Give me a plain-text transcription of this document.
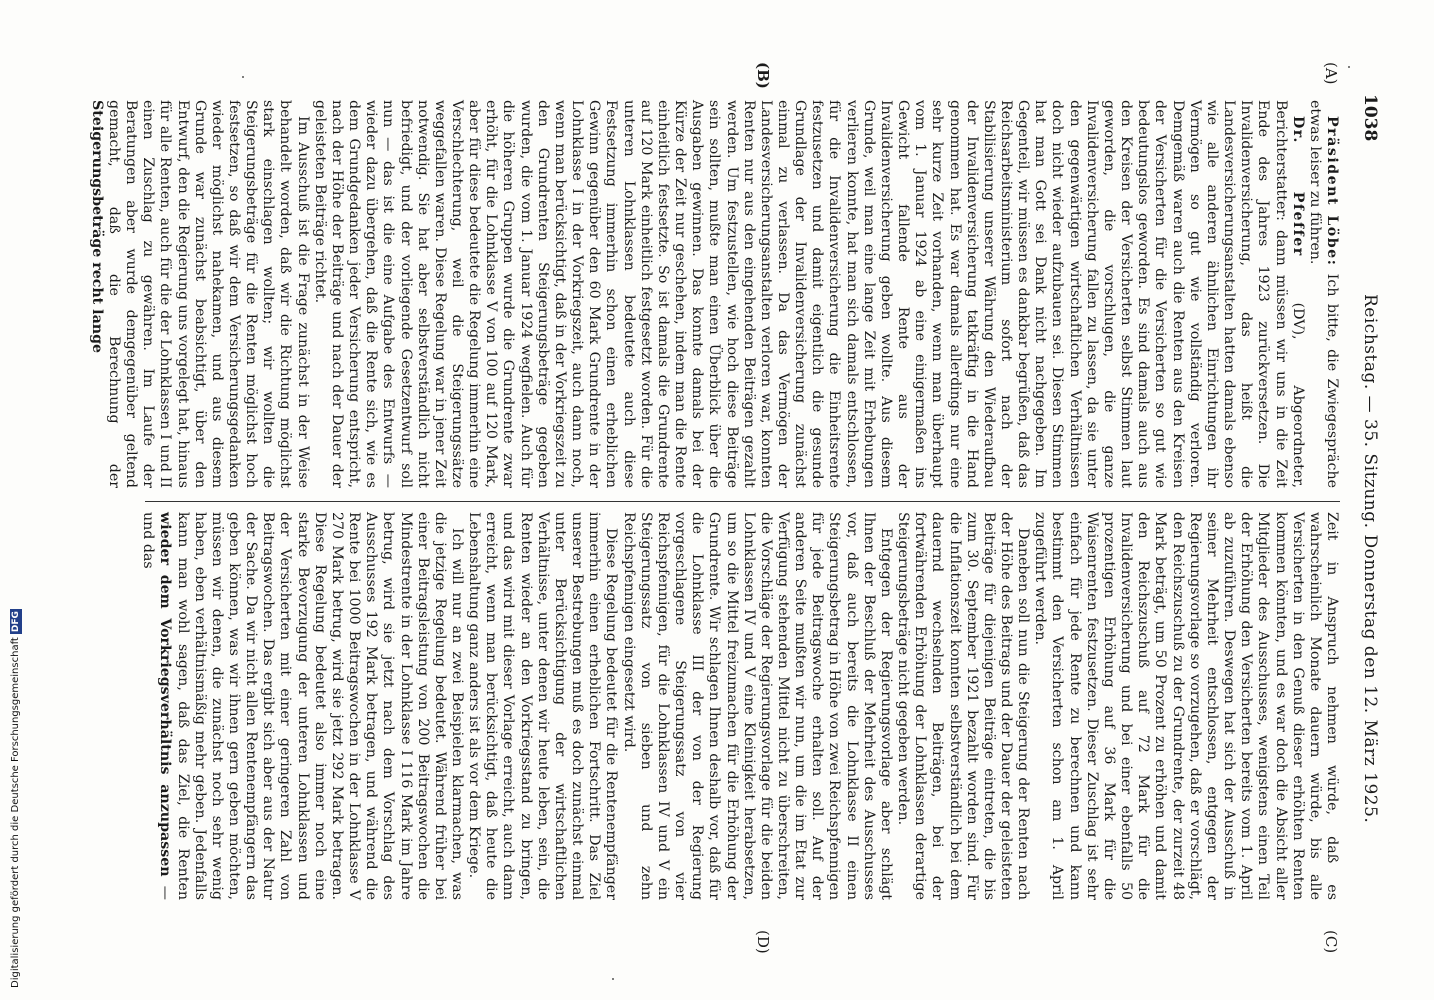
1038
Reichstag. — 35. Sitzung. Donnerstag den 12. März 1925.
(A)
(B)
(C)
(D)

Präsident Löbe: Ich bitte, die Zwiegespräche etwas leiser zu führen.

Dr. Pfeffer (DV), Abgeordneter, Berichterstatter: dann müssen wir uns in die Zeit Ende des Jahres 1923 zurückversetzen. Die Invalidenversicherung, das heißt die Landesversicherungsanstalten hatten damals ebenso wie alle anderen ähnlichen Einrichtungen ihr Vermögen so gut wie vollständig verloren. Demgemäß waren auch die Renten aus den Kreisen der Versicherten für die Versicherten so gut wie bedeutungslos geworden. Es sind damals auch aus den Kreisen der Versicherten selbst Stimmen laut geworden, die vorschlugen, die ganze Invalidenversicherung fallen zu lassen, da sie unter den gegenwärtigen wirtschaftlichen Verhältnissen doch nicht wieder aufzubauen sei. Diesen Stimmen hat man Gott sei Dank nicht nachgegeben. Im Gegenteil, wir müssen es dankbar begrüßen, daß das Reichsarbeitsministerium sofort nach der Stabilisierung unserer Währung den Wiederaufbau der Invalidenversicherung tatkräftig in die Hand genommen hat. Es war damals allerdings nur eine sehr kurze Zeit vorhanden, wenn man überhaupt vom 1. Januar 1924 ab eine einigermaßen ins Gewicht fallende Rente aus der Invalidenversicherung geben wollte. Aus diesem Grunde, weil man eine lange Zeit mit Erhebungen verlieren konnte, hat man sich damals entschlossen, für die Invalidenversicherung die Einheitsrente festzusetzen und damit eigentlich die gesunde Grundlage der Invalidenversicherung zunächst einmal zu verlassen. Da das Vermögen der Landesversicherungsanstalten verloren war, konnten Renten nur aus den eingehenden Beiträgen gezahlt werden. Um festzustellen, wie hoch diese Beiträge sein sollten, mußte man einen Überblick über die Ausgaben gewinnen. Das konnte damals bei der Kürze der Zeit nur geschehen, indem man die Rente einheitlich festsetzte. So ist damals die Grundrente auf 120 Mark einheitlich festgesetzt worden. Für die unteren Lohnklassen bedeutete auch diese Festsetzung immerhin schon einen erheblichen Gewinn gegenüber den 60 Mark Grundrente in der Lohnklasse I in der Vorkriegszeit, auch dann noch, wenn man berücksichtigt, daß in der Vorkriegszeit zu den Grundrenten Steigerungsbeträge gegeben wurden, die vom 1. Januar 1924 wegfielen. Auch für die höheren Gruppen wurde die Grundrente zwar erhöht, für die Lohnklasse V von 100 auf 120 Mark, aber für diese bedeutete die Regelung immerhin eine Verschlechterung, weil die Steigerungssätze weggefallen waren. Diese Regelung war in jener Zeit notwendig. Sie hat aber selbstverständlich nicht befriedigt, und der vorliegende Gesetzentwurf soll nun — das ist die eine Aufgabe des Entwurfs — wieder dazu übergehen, daß die Rente sich, wie es dem Grundgedanken jeder Versicherung entspricht, nach der Höhe der Beiträge und nach der Dauer der geleisteten Beiträge richtet.

Im Ausschuß ist die Frage zunächst in der Weise behandelt worden, daß wir die Richtung möglichst stark einschlagen wollten; wir wollten die Steigerungsbeträge für die Renten möglichst hoch festsetzen, so daß wir dem Versicherungsgedanken wieder möglichst nahekamen, und aus diesem Grunde war zunächst beabsichtigt, über den Entwurf, den die Regierung uns vorgelegt hat, hinaus für alle Renten, auch für die der Lohnklassen I und II einen Zuschlag zu gewähren. Im Laufe der Beratungen aber wurde demgegenüber geltend gemacht, daß die Berechnung der Steigerungsbeträge recht lange

Zeit in Anspruch nehmen würde, daß es wahrscheinlich Monate dauern würde, bis alle Versicherten in den Genuß dieser erhöhten Renten kommen könnten, und es war doch die Absicht aller Mitglieder des Ausschusses, wenigstens einen Teil der Erhöhung den Versicherten bereits vom 1. April ab zuzuführen. Deswegen hat sich der Ausschuß in seiner Mehrheit entschlossen, entgegen der Regierungsvorlage so vorzugehen, daß er vorschlägt, den Reichszuschuß zu der Grundrente, der zurzeit 48 Mark beträgt, um 50 Prozent zu erhöhen und damit den Reichszuschuß auf 72 Mark für die Invalidenversicherung und bei einer ebenfalls 50 prozentigen Erhöhung auf 36 Mark für die Waisenrenten festzusetzen. Dieser Zuschlag ist sehr einfach für jede Rente zu berechnen und kann bestimmt den Versicherten schon am 1. April zugeführt werden.

Daneben soll nun die Steigerung der Renten nach der Höhe des Beitrags und der Dauer der geleisteten Beiträge für diejenigen Beiträge eintreten, die bis zum 30. September 1921 bezahlt worden sind. Für die Inflationszeit konnten selbstverständlich bei dem dauernd wechselnden Beiträgen, bei der fortwährenden Erhöhung der Lohnklassen derartige Steigerungsbeträge nicht gegeben werden.

Entgegen der Regierungsvorlage aber schlägt Ihnen der Beschluß der Mehrheit des Ausschusses vor, daß auch bereits die Lohnklasse II einen Steigerungsbetrag in Höhe von zwei Reichspfennigen für jede Beitragswoche erhalten soll. Auf der anderen Seite mußten wir nun, um die im Etat zur Verfügung stehenden Mittel nicht zu überschreiten, die Vorschläge der Regierungsvorlage für die beiden Lohnklassen IV und V eine Kleinigkeit herabsetzen, um so die Mittel freizumachen für die Erhöhung der Grundrente. Wir schlagen Ihnen deshalb vor, daß für die Lohnklasse III der von der Regierung vorgeschlagene Steigerungssatz von vier Reichspfennigen, für die Lohnklassen IV und V ein Steigerungssatz von sieben und zehn Reichspfennigen eingesetzt wird.

Diese Regelung bedeutet für die Rentenempfänger immerhin einen erheblichen Fortschritt. Das Ziel unserer Bestrebungen muß es doch zunächst einmal unter Berücksichtigung der wirtschaftlichen Verhältnisse, unter denen wir heute leben, sein, die Renten wieder an den Vorkriegsstand zu bringen, und das wird mit dieser Vorlage erreicht, auch dann erreicht, wenn man berücksichtigt, daß heute die Lebenshaltung ganz anders ist als vor dem Kriege.

Ich will nur an zwei Beispielen klarmachen, was die jetzige Regelung bedeutet. Während früher bei einer Beitragsleistung von 200 Beitragswochen die Mindestrente in der Lohnklasse I 116 Mark im Jahre betrug, wird sie jetzt nach dem Vorschlag des Ausschusses 192 Mark betragen, und während die Rente bei 1000 Beitragswochen in der Lohnklasse V 270 Mark betrug, wird sie jetzt 292 Mark betragen. Diese Regelung bedeutet also immer noch eine starke Bevorzugung der unteren Lohnklassen und der Versicherten mit einer geringeren Zahl von Beitragswochen. Das ergibt sich aber aus der Natur der Sache. Da wir nicht allen Rentenempfängern das geben können, was wir ihnen gern geben möchten, müssen wir denen, die zunächst noch sehr wenig haben, eben verhältnismäßig mehr geben. Jedenfalls kann man wohl sagen, daß das Ziel, die Renten wieder dem Vorkriegsverhältnis anzupassen — und das

Digitalisierung gefördert durch die Deutsche ForschungsgemeinschaftDFG
